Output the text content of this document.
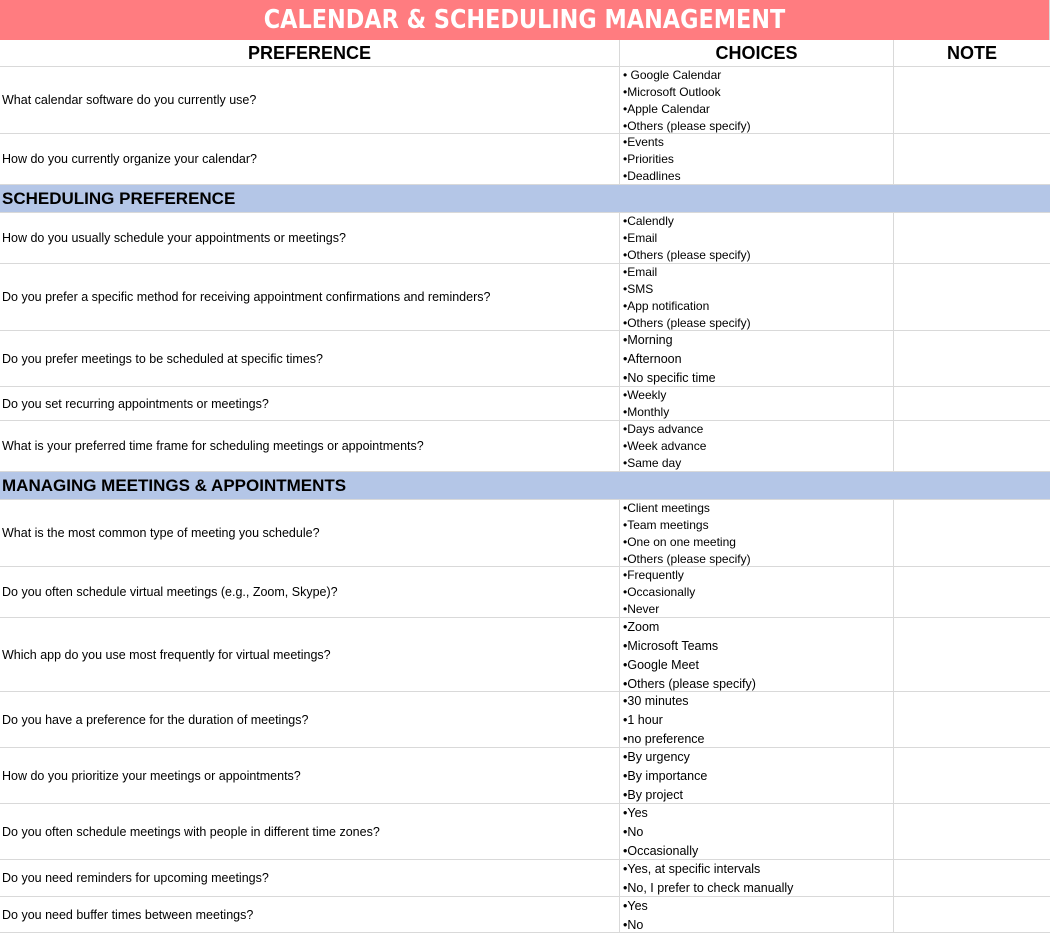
CALENDAR & SCHEDULING MANAGEMENT
PREFERENCE	CHOICES	NOTE
What calendar software do you currently use?
• Google Calendar
•Microsoft Outlook
•Apple Calendar
•Others (please specify)
How do you currently organize your calendar?
•Events
•Priorities
•Deadlines
SCHEDULING PREFERENCE
How do you usually schedule your appointments or meetings?
•Calendly
•Email
•Others (please specify)
Do you prefer a specific method for receiving appointment confirmations and reminders?
•Email
•SMS
•App notification
•Others (please specify)
Do you prefer meetings to be scheduled at specific times?
•Morning
•Afternoon
•No specific time
Do you set recurring appointments or meetings?
•Weekly
•Monthly
What is your preferred time frame for scheduling meetings or appointments?
•Days advance
•Week advance
•Same day
MANAGING MEETINGS & APPOINTMENTS
What is the most common type of meeting you schedule?
•Client meetings
•Team meetings
•One on one meeting
•Others (please specify)
Do you often schedule virtual meetings (e.g., Zoom, Skype)?
•Frequently
•Occasionally
•Never
Which app do you use most frequently for virtual meetings?
•Zoom
•Microsoft Teams
•Google Meet
•Others (please specify)
Do you have a preference for the duration of meetings?
•30 minutes
•1 hour
•no preference
How do you prioritize your meetings or appointments?
•By urgency
•By importance
•By project
Do you often schedule meetings with people in different time zones?
•Yes
•No
•Occasionally
Do you need reminders for upcoming meetings?
•Yes, at specific intervals
•No, I prefer to check manually
Do you need buffer times between meetings?
•Yes
•No
